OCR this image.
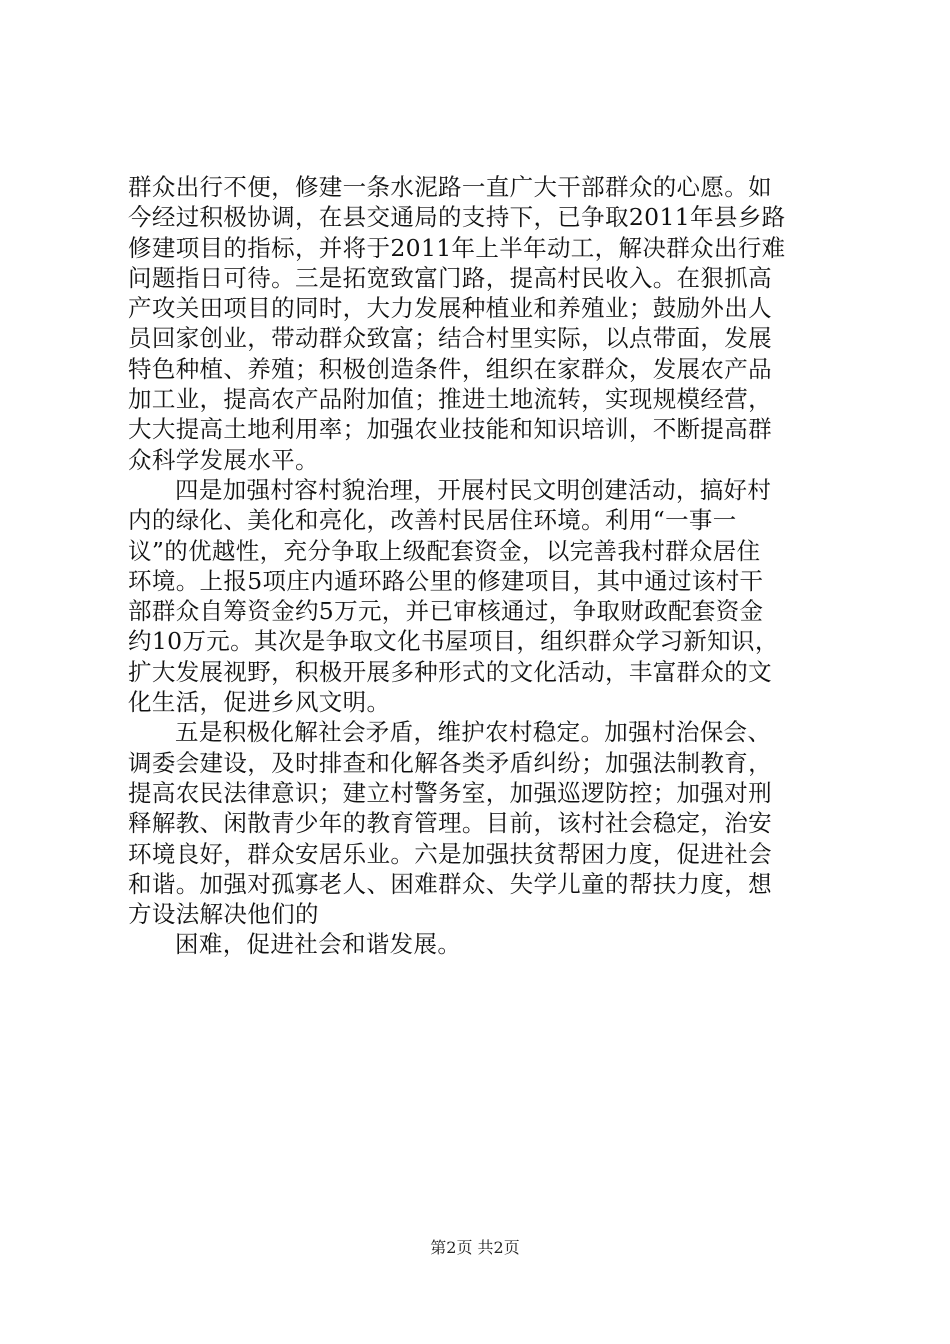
群众出行不便，修建一条水泥路一直广大干部群众的心愿。如
今经过积极协调，在县交通局的支持下，已争取2011年县乡路
修建项目的指标，并将于2011年上半年动工，解决群众出行难
问题指日可待。三是拓宽致富门路，提高村民收入。在狠抓高
产攻关田项目的同时，大力发展种植业和养殖业；鼓励外出人
员回家创业，带动群众致富；结合村里实际，以点带面，发展
特色种植、养殖；积极创造条件，组织在家群众，发展农产品
加工业，提高农产品附加值；推进土地流转，实现规模经营，
大大提高土地利用率；加强农业技能和知识培训，不断提高群
众科学发展水平。
四是加强村容村貌治理，开展村民文明创建活动，搞好村
内的绿化、美化和亮化，改善村民居住环境。利用“一事一
议”的优越性，充分争取上级配套资金，以完善我村群众居住
环境。上报5项庄内遁环路公里的修建项目，其中通过该村干
部群众自筹资金约5万元，并已审核通过，争取财政配套资金
约10万元。其次是争取文化书屋项目，组织群众学习新知识，
扩大发展视野，积极开展多种形式的文化活动，丰富群众的文
化生活，促进乡风文明。
五是积极化解社会矛盾，维护农村稳定。加强村治保会、
调委会建设，及时排查和化解各类矛盾纠纷；加强法制教育，
提高农民法律意识；建立村警务室，加强巡逻防控；加强对刑
释解教、闲散青少年的教育管理。目前，该村社会稳定，治安
环境良好，群众安居乐业。六是加强扶贫帮困力度，促进社会
和谐。加强对孤寡老人、困难群众、失学儿童的帮扶力度，想
方设法解决他们的
困难，促进社会和谐发展。
第2页 共2页
